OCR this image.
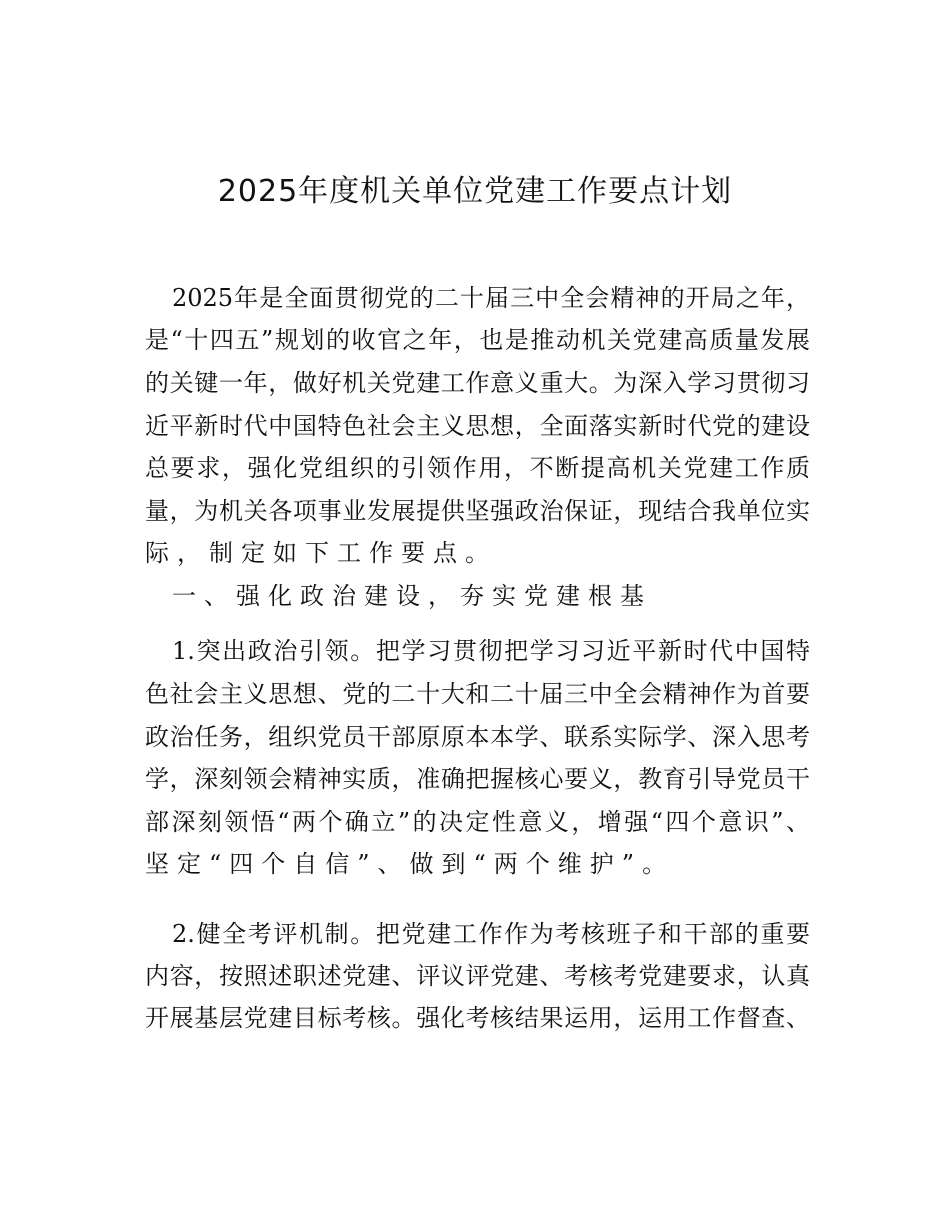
2025年度机关单位党建工作要点计划
2025年是全面贯彻党的二十届三中全会精神的开局之年，
是“十四五”规划的收官之年，也是推动机关党建高质量发展
的关键一年，做好机关党建工作意义重大。为深入学习贯彻习
近平新时代中国特色社会主义思想，全面落实新时代党的建设
总要求，强化党组织的引领作用，不断提高机关党建工作质
量，为机关各项事业发展提供坚强政治保证，现结合我单位实
际，制定如下工作要点。
一、强化政治建设，夯实党建根基
1.突出政治引领。把学习贯彻把学习习近平新时代中国特
色社会主义思想、党的二十大和二十届三中全会精神作为首要
政治任务，组织党员干部原原本本学、联系实际学、深入思考
学，深刻领会精神实质，准确把握核心要义，教育引导党员干
部深刻领悟“两个确立”的决定性意义，增强“四个意识”、
坚定“四个自信”、做到“两个维护”。
2.健全考评机制。把党建工作作为考核班子和干部的重要
内容，按照述职述党建、评议评党建、考核考党建要求，认真
开展基层党建目标考核。强化考核结果运用，运用工作督查、
